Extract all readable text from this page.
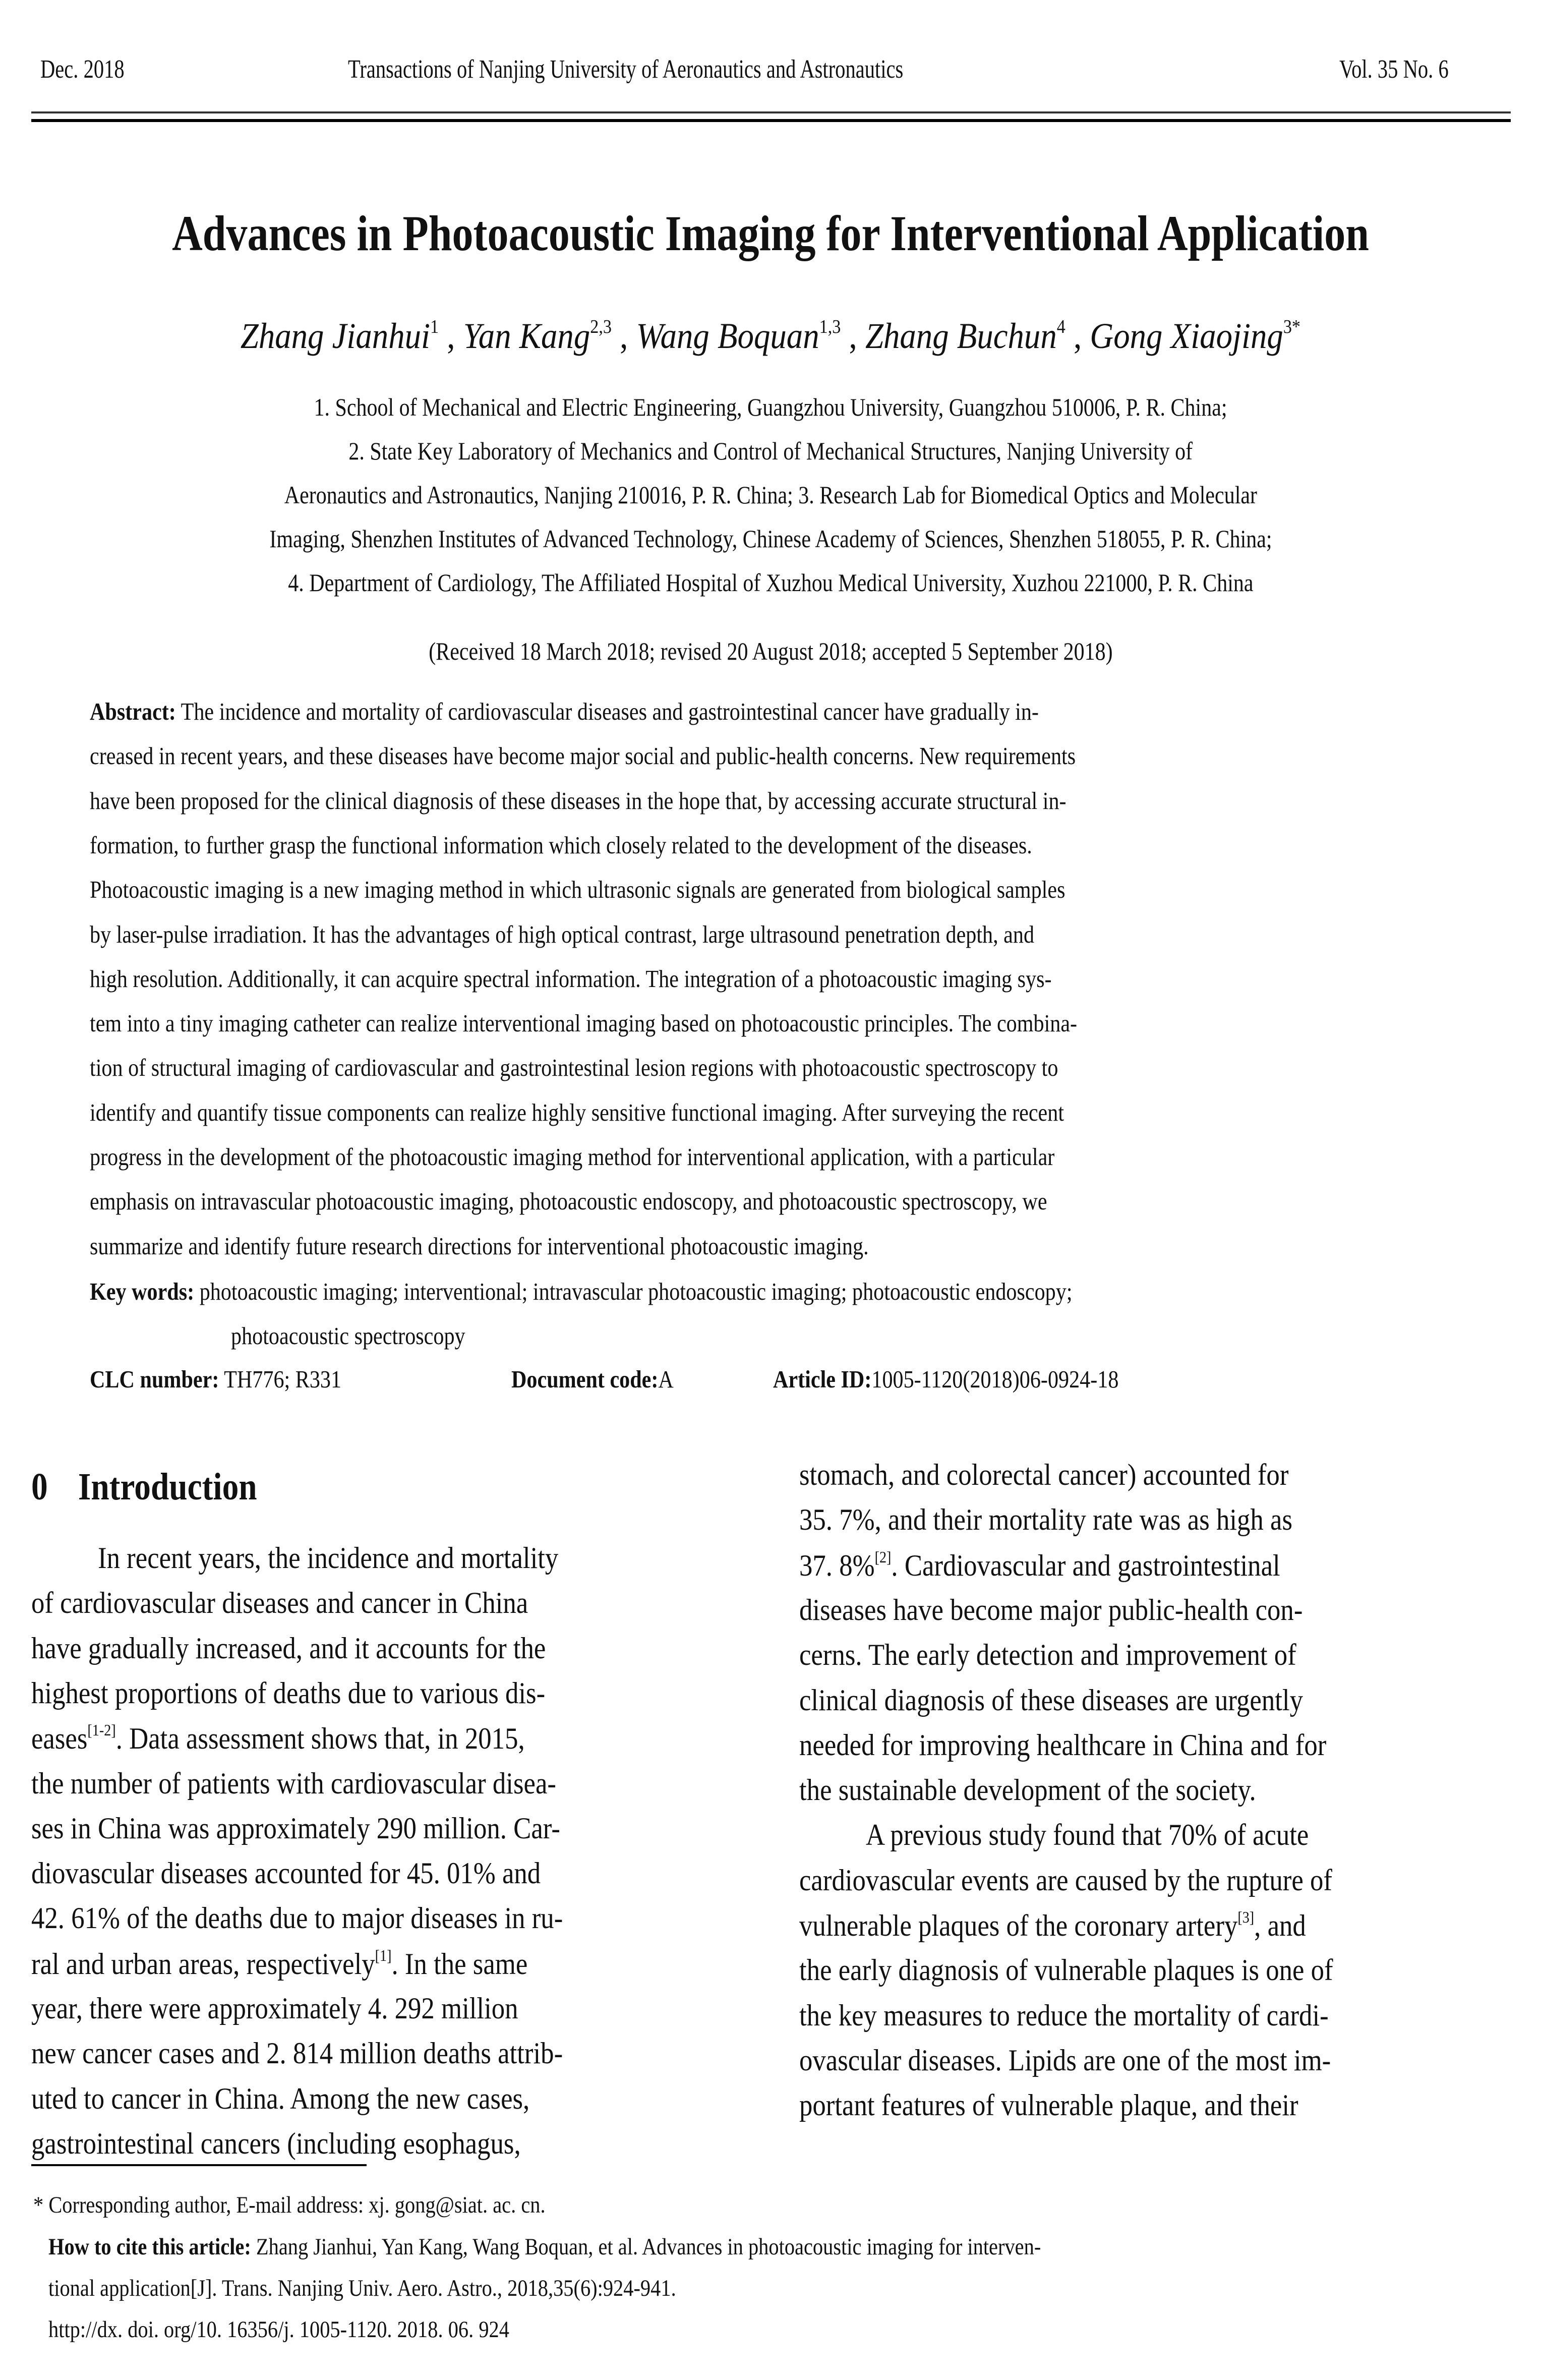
Dec. 2018	Transactions of Nanjing University of Aeronautics and Astronautics	Vol. 35 No. 6
Advances in Photoacoustic Imaging for Interventional Application
Zhang Jianhui$^1$ , Yan Kang$^{2,3}$ , Wang Boquan$^{1,3}$ , Zhang Buchun$^4$ , Gong Xiaojing$^{3*}$
1. School of Mechanical and Electric Engineering, Guangzhou University, Guangzhou 510006, P. R. China;
2. State Key Laboratory of Mechanics and Control of Mechanical Structures, Nanjing University of
Aeronautics and Astronautics, Nanjing 210016, P. R. China; 3. Research Lab for Biomedical Optics and Molecular
Imaging, Shenzhen Institutes of Advanced Technology, Chinese Academy of Sciences, Shenzhen 518055, P. R. China;
4. Department of Cardiology, The Affiliated Hospital of Xuzhou Medical University, Xuzhou 221000, P. R. China
(Received 18 March 2018; revised 20 August 2018; accepted 5 September 2018)
Abstract: The incidence and mortality of cardiovascular diseases and gastrointestinal cancer have gradually in-
creased in recent years, and these diseases have become major social and public-health concerns. New requirements
have been proposed for the clinical diagnosis of these diseases in the hope that, by accessing accurate structural in-
formation, to further grasp the functional information which closely related to the development of the diseases.
Photoacoustic imaging is a new imaging method in which ultrasonic signals are generated from biological samples
by laser-pulse irradiation. It has the advantages of high optical contrast, large ultrasound penetration depth, and
high resolution. Additionally, it can acquire spectral information. The integration of a photoacoustic imaging sys-
tem into a tiny imaging catheter can realize interventional imaging based on photoacoustic principles. The combina-
tion of structural imaging of cardiovascular and gastrointestinal lesion regions with photoacoustic spectroscopy to
identify and quantify tissue components can realize highly sensitive functional imaging. After surveying the recent
progress in the development of the photoacoustic imaging method for interventional application, with a particular
emphasis on intravascular photoacoustic imaging, photoacoustic endoscopy, and photoacoustic spectroscopy, we
summarize and identify future research directions for interventional photoacoustic imaging.
Key words: photoacoustic imaging; interventional; intravascular photoacoustic imaging; photoacoustic endoscopy;
photoacoustic spectroscopy
CLC number: TH776; R331	Document code:A	Article ID:1005-1120(2018)06-0924-18
0 Introduction
In recent years, the incidence and mortality
of cardiovascular diseases and cancer in China
have gradually increased, and it accounts for the
highest proportions of deaths due to various dis-
eases[1-2]. Data assessment shows that, in 2015,
the number of patients with cardiovascular disea-
ses in China was approximately 290 million. Car-
diovascular diseases accounted for 45. 01% and
42. 61% of the deaths due to major diseases in ru-
ral and urban areas, respectively[1]. In the same
year, there were approximately 4. 292 million
new cancer cases and 2. 814 million deaths attrib-
uted to cancer in China. Among the new cases,
gastrointestinal cancers (including esophagus,
stomach, and colorectal cancer) accounted for
35. 7%, and their mortality rate was as high as
37. 8%[2]. Cardiovascular and gastrointestinal
diseases have become major public-health con-
cerns. The early detection and improvement of
clinical diagnosis of these diseases are urgently
needed for improving healthcare in China and for
the sustainable development of the society.
A previous study found that 70% of acute
cardiovascular events are caused by the rupture of
vulnerable plaques of the coronary artery[3], and
the early diagnosis of vulnerable plaques is one of
the key measures to reduce the mortality of cardi-
ovascular diseases. Lipids are one of the most im-
portant features of vulnerable plaque, and their
* Corresponding author, E-mail address: xj. gong@siat. ac. cn.
How to cite this article: Zhang Jianhui, Yan Kang, Wang Boquan, et al. Advances in photoacoustic imaging for interven-
tional application[J]. Trans. Nanjing Univ. Aero. Astro., 2018,35(6):924-941.
http://dx. doi. org/10. 16356/j. 1005-1120. 2018. 06. 924
